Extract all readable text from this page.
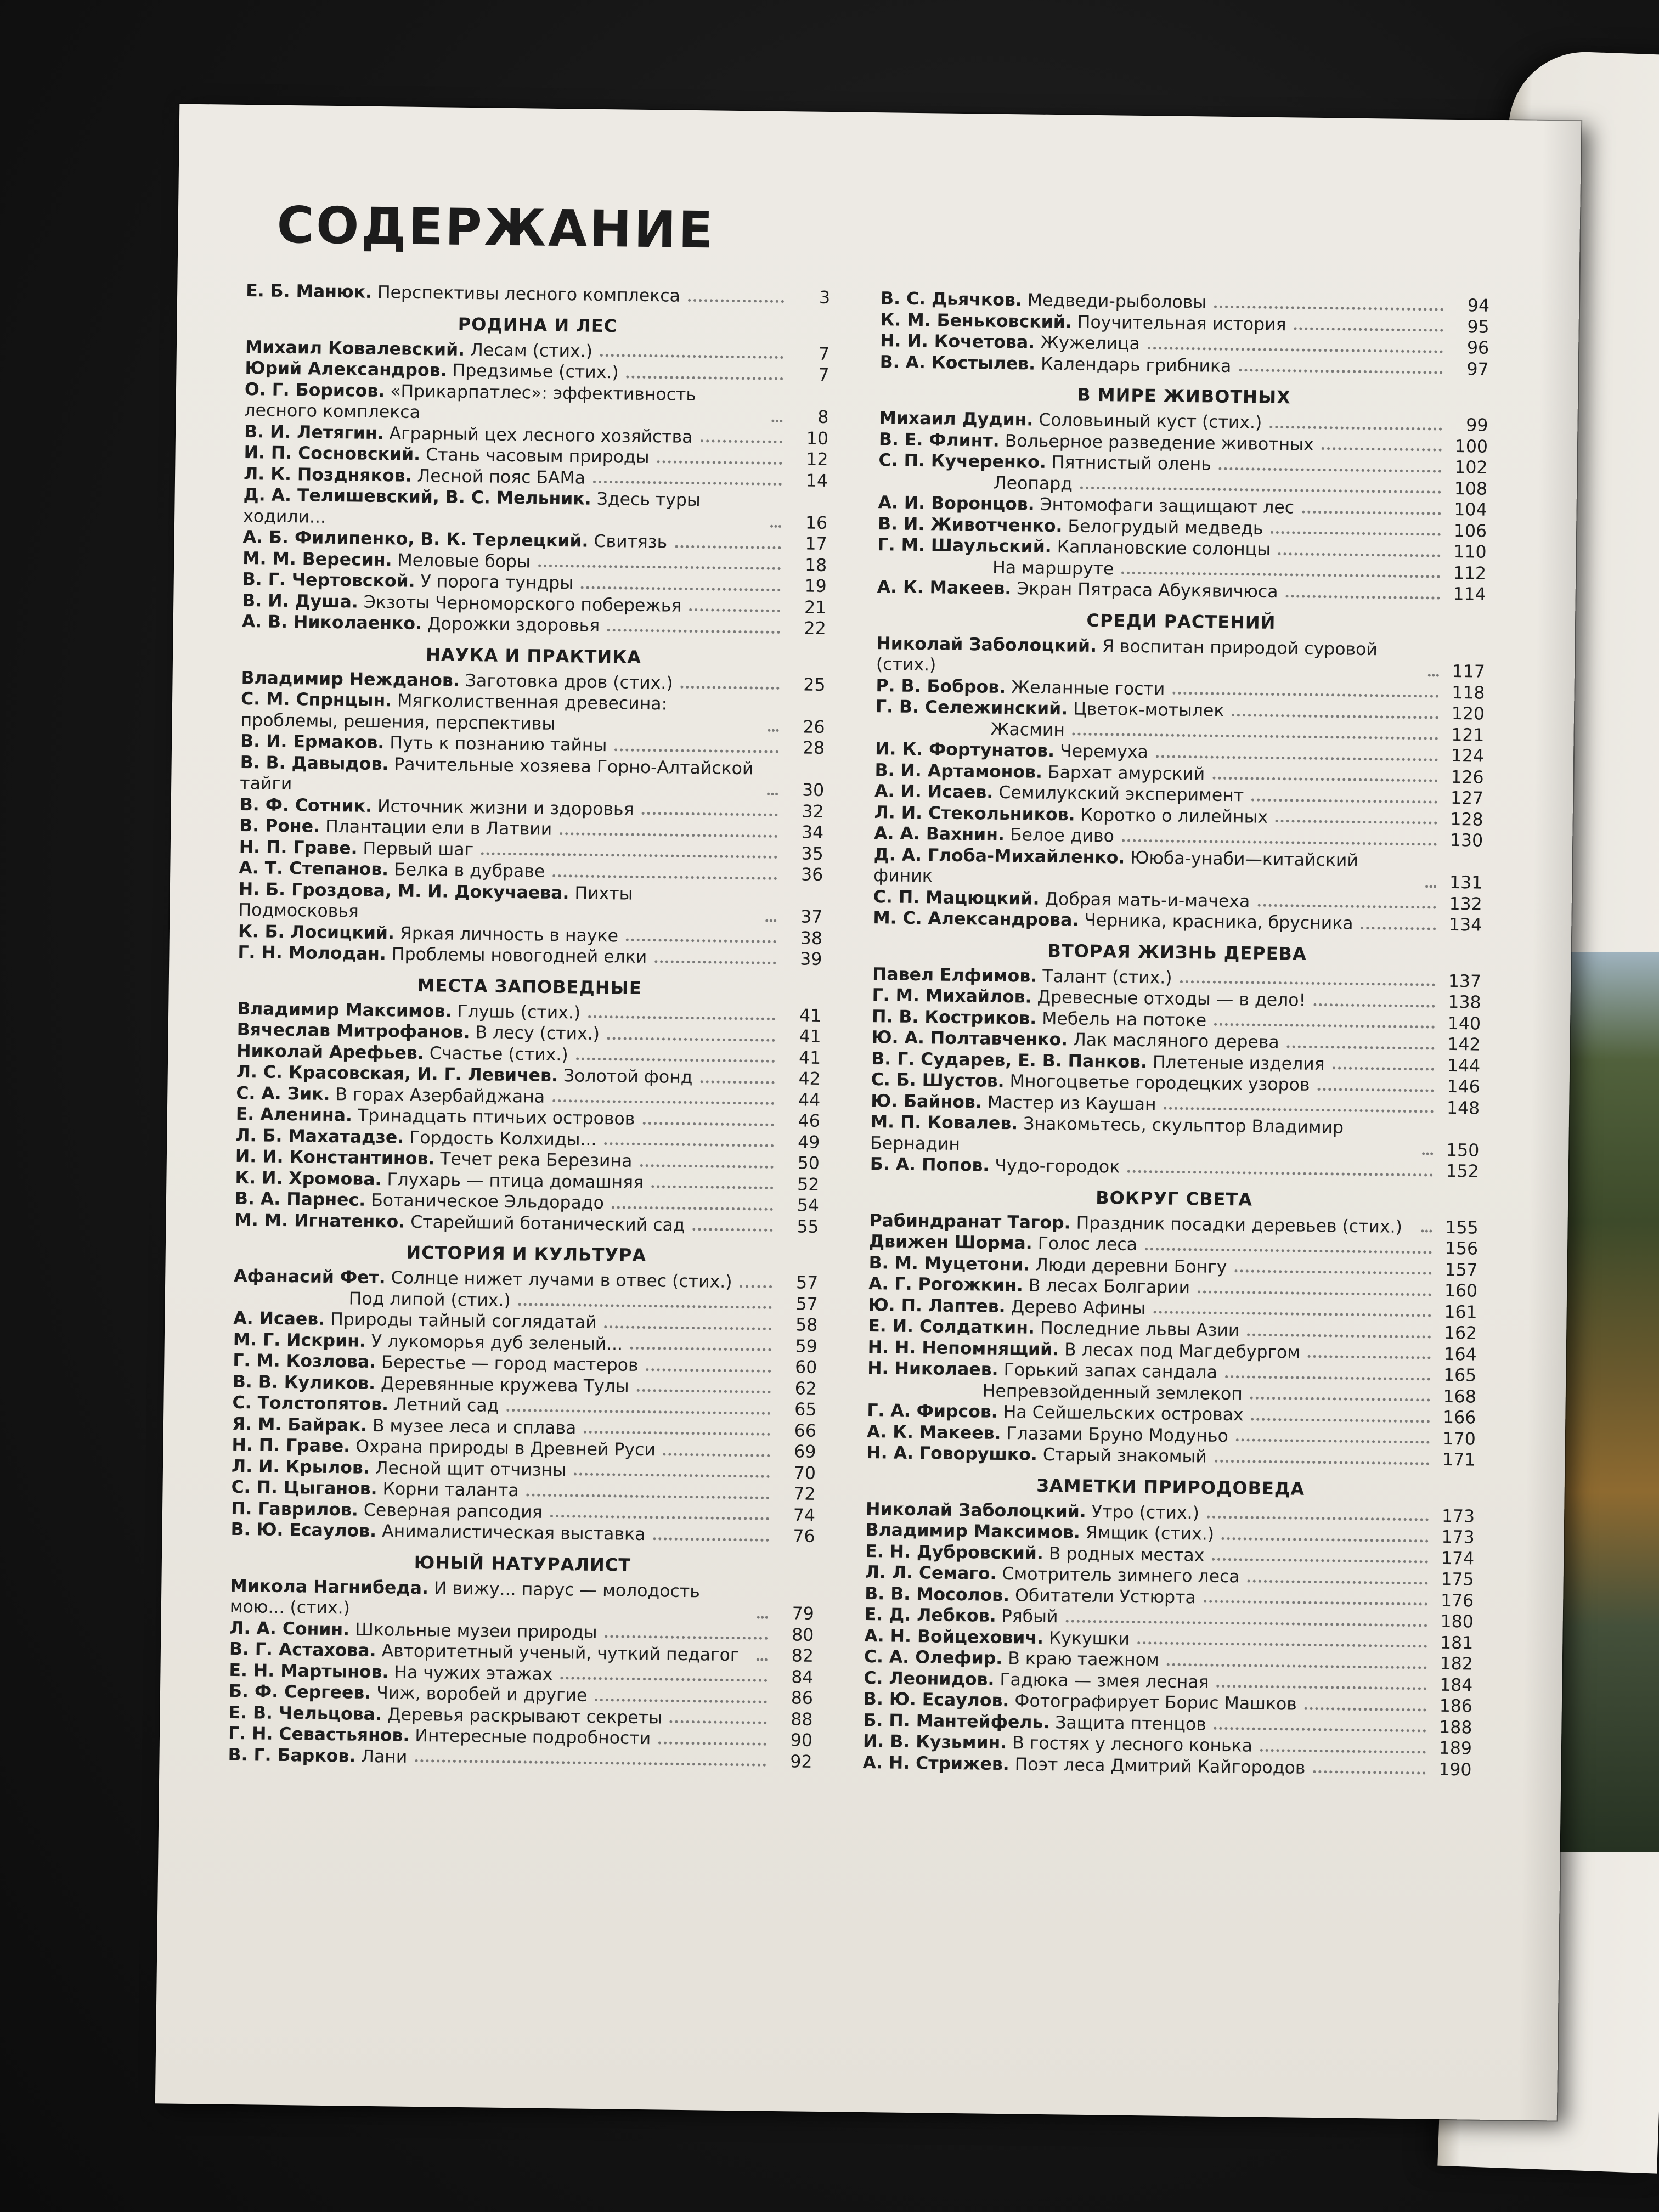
СОДЕРЖАНИЕ
Е. Б. Манюк. Перспективы лесного комплекса	3
РОДИНА И ЛЕС
Михаил Ковалевский. Лесам (стих.)	7
Юрий Александров. Предзимье (стих.)	7
О. Г. Борисов. «Прикарпатлес»: эффективность лесного комплекса	8
В. И. Летягин. Аграрный цех лесного хозяйства	10
И. П. Сосновский. Стань часовым природы	12
Л. К. Поздняков. Лесной пояс БАМа	14
Д. А. Телишевский, В. С. Мельник. Здесь туры ходили...	16
А. Б. Филипенко, В. К. Терлецкий. Свитязь	17
М. М. Вересин. Меловые боры	18
В. Г. Чертовской. У порога тундры	19
В. И. Душа. Экзоты Черноморского побережья	21
А. В. Николаенко. Дорожки здоровья	22
НАУКА И ПРАКТИКА
Владимир Нежданов. Заготовка дров (стих.)	25
С. М. Спрнцын. Мягколиственная древесина: проблемы, решения, перспективы	26
В. И. Ермаков. Путь к познанию тайны	28
В. В. Давыдов. Рачительные хозяева Горно-Алтайской тайги	30
В. Ф. Сотник. Источник жизни и здоровья	32
В. Роне. Плантации ели в Латвии	34
Н. П. Граве. Первый шаг	35
А. Т. Степанов. Белка в дубраве	36
Н. Б. Гроздова, М. И. Докучаева. Пихты Подмосковья	37
К. Б. Лосицкий. Яркая личность в науке	38
Г. Н. Молодан. Проблемы новогодней елки	39
МЕСТА ЗАПОВЕДНЫЕ
Владимир Максимов. Глушь (стих.)	41
Вячеслав Митрофанов. В лесу (стих.)	41
Николай Арефьев. Счастье (стих.)	41
Л. С. Красовская, И. Г. Левичев. Золотой фонд	42
С. А. Зик. В горах Азербайджана	44
Е. Аленина. Тринадцать птичьих островов	46
Л. Б. Махатадзе. Гордость Колхиды...	49
И. И. Константинов. Течет река Березина	50
К. И. Хромова. Глухарь — птица домашняя	52
В. А. Парнес. Ботаническое Эльдорадо	54
М. М. Игнатенко. Старейший ботанический сад	55
ИСТОРИЯ И КУЛЬТУРА
Афанасий Фет. Солнце нижет лучами в отвес (стих.)	57
Под липой (стих.)	57
А. Исаев. Природы тайный соглядатай	58
М. Г. Искрин. У лукоморья дуб зеленый...	59
Г. М. Козлова. Берестье — город мастеров	60
В. В. Куликов. Деревянные кружева Тулы	62
С. Толстопятов. Летний сад	65
Я. М. Байрак. В музее леса и сплава	66
Н. П. Граве. Охрана природы в Древней Руси	69
Л. И. Крылов. Лесной щит отчизны	70
С. П. Цыганов. Корни таланта	72
П. Гаврилов. Северная рапсодия	74
В. Ю. Есаулов. Анималистическая выставка	76
ЮНЫЙ НАТУРАЛИСТ
Микола Нагнибеда. И вижу... парус — молодость мою... (стих.)	79
Л. А. Сонин. Школьные музеи природы	80
В. Г. Астахова. Авторитетный ученый, чуткий педагог	82
Е. Н. Мартынов. На чужих этажах	84
Б. Ф. Сергеев. Чиж, воробей и другие	86
Е. В. Чельцова. Деревья раскрывают секреты	88
Г. Н. Севастьянов. Интересные подробности	90
В. Г. Барков. Лани	92
В. С. Дьячков. Медведи-рыболовы	94
К. М. Беньковский. Поучительная история	95
Н. И. Кочетова. Жужелица	96
В. А. Костылев. Календарь грибника	97
В МИРЕ ЖИВОТНЫХ
Михаил Дудин. Соловьиный куст (стих.)	99
В. Е. Флинт. Вольерное разведение животных	100
С. П. Кучеренко. Пятнистый олень	102
Леопард	108
А. И. Воронцов. Энтомофаги защищают лес	104
В. И. Животченко. Белогрудый медведь	106
Г. М. Шаульский. Каплановские солонцы	110
На маршруте	112
А. К. Макеев. Экран Пятраса Абукявичюса	114
СРЕДИ РАСТЕНИЙ
Николай Заболоцкий. Я воспитан природой суровой (стих.)	117
Р. В. Бобров. Желанные гости	118
Г. В. Сележинский. Цветок-мотылек	120
Жасмин	121
И. К. Фортунатов. Черемуха	124
В. И. Артамонов. Бархат амурский	126
А. И. Исаев. Семилукский эксперимент	127
Л. И. Стекольников. Коротко о лилейных	128
А. А. Вахнин. Белое диво	130
Д. А. Глоба-Михайленко. Ююба-унаби—китайский финик	131
С. П. Мацюцкий. Добрая мать-и-мачеха	132
М. С. Александрова. Черника, красника, брусника	134
ВТОРАЯ ЖИЗНЬ ДЕРЕВА
Павел Елфимов. Талант (стих.)	137
Г. М. Михайлов. Древесные отходы — в дело!	138
П. В. Костриков. Мебель на потоке	140
Ю. А. Полтавченко. Лак масляного дерева	142
В. Г. Сударев, Е. В. Панков. Плетеные изделия	144
С. Б. Шустов. Многоцветье городецких узоров	146
Ю. Байнов. Мастер из Каушан	148
М. П. Ковалев. Знакомьтесь, скульптор Владимир Бернадин	150
Б. А. Попов. Чудо-городок	152
ВОКРУГ СВЕТА
Рабиндранат Тагор. Праздник посадки деревьев (стих.)	155
Движен Шорма. Голос леса	156
В. М. Муцетони. Люди деревни Бонгу	157
А. Г. Рогожкин. В лесах Болгарии	160
Ю. П. Лаптев. Дерево Афины	161
Е. И. Солдаткин. Последние львы Азии	162
Н. Н. Непомнящий. В лесах под Магдебургом	164
Н. Николаев. Горький запах сандала	165
Непревзойденный землекоп	168
Г. А. Фирсов. На Сейшельских островах	166
А. К. Макеев. Глазами Бруно Модуньо	170
Н. А. Говорушко. Старый знакомый	171
ЗАМЕТКИ ПРИРОДОВЕДА
Николай Заболоцкий. Утро (стих.)	173
Владимир Максимов. Ямщик (стих.)	173
Е. Н. Дубровский. В родных местах	174
Л. Л. Семаго. Смотритель зимнего леса	175
В. В. Мосолов. Обитатели Устюрта	176
Е. Д. Лебков. Рябый	180
А. Н. Войцехович. Кукушки	181
С. А. Олефир. В краю таежном	182
С. Леонидов. Гадюка — змея лесная	184
В. Ю. Есаулов. Фотографирует Борис Машков	186
Б. П. Мантейфель. Защита птенцов	188
И. В. Кузьмин. В гостях у лесного конька	189
А. Н. Стрижев. Поэт леса Дмитрий Кайгородов	190
